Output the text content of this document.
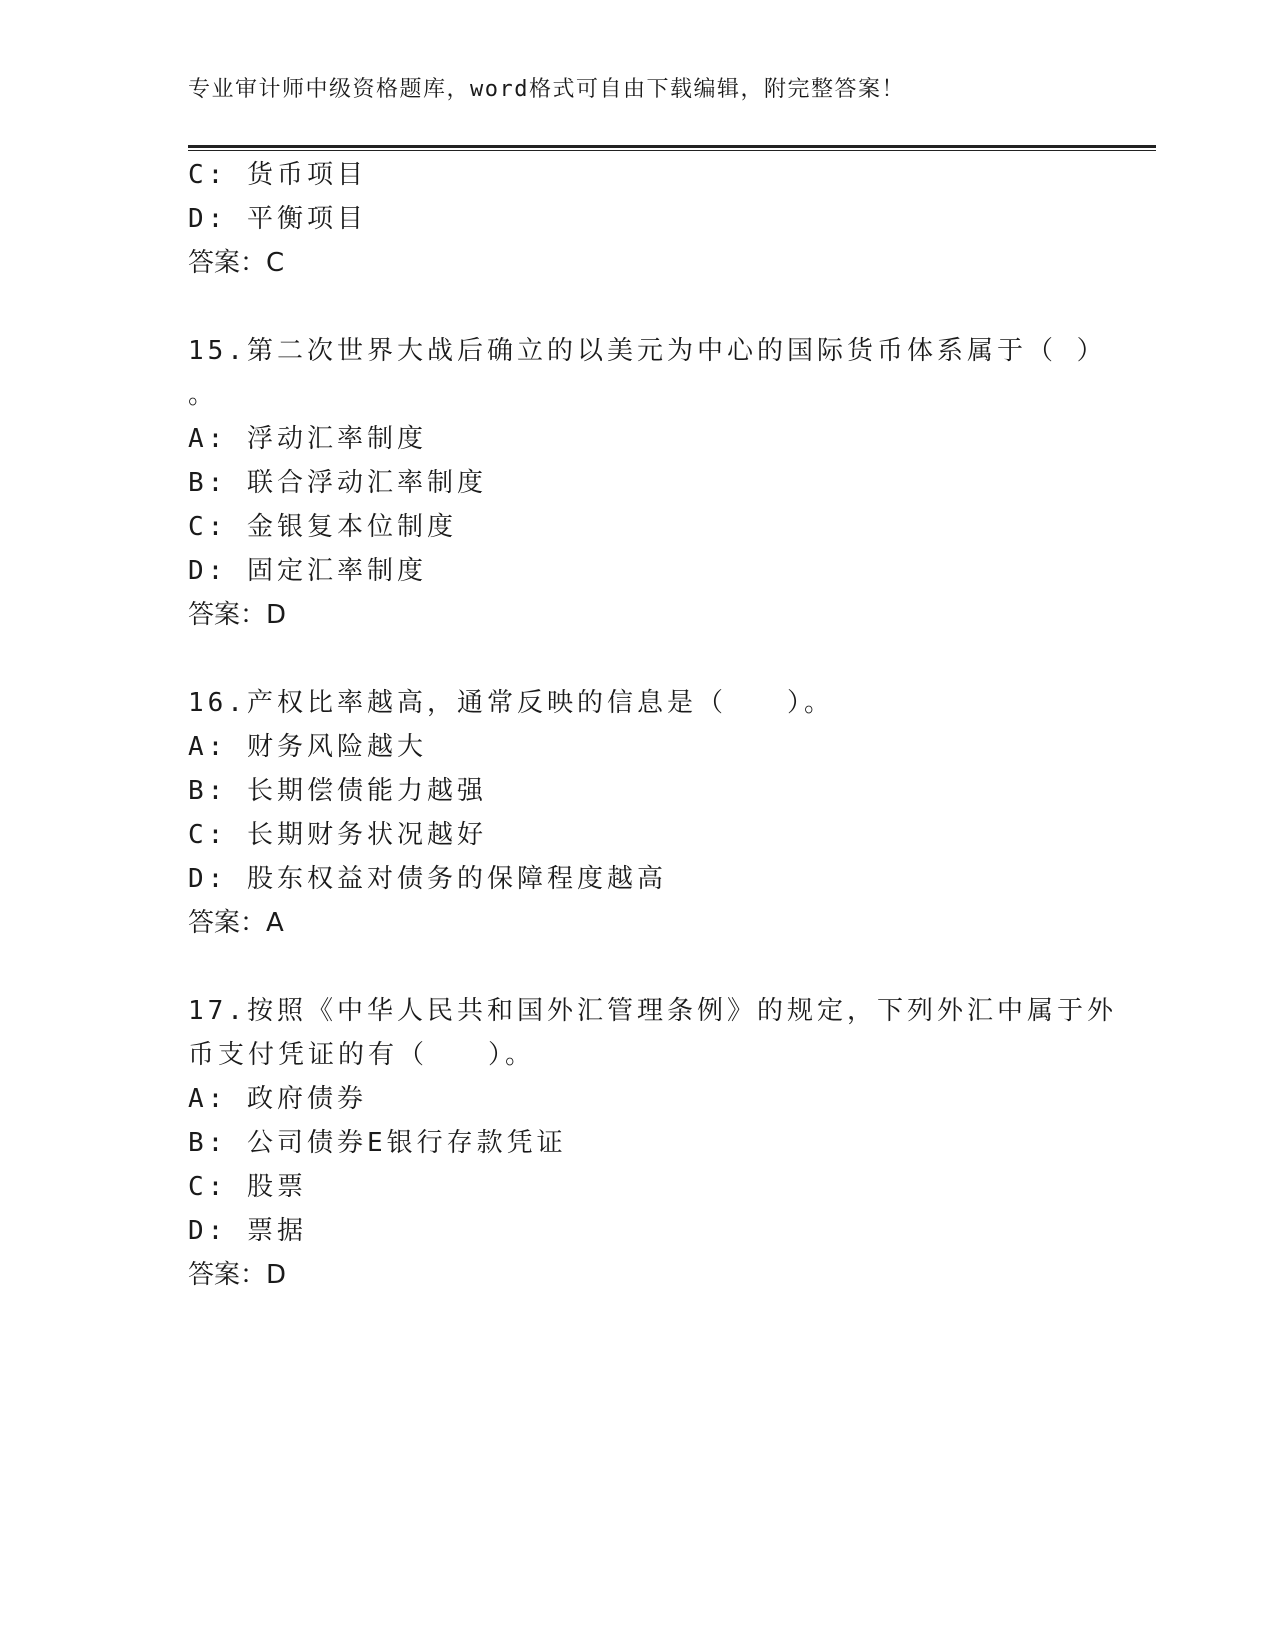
专业审计师中级资格题库，word格式可自由下载编辑，附完整答案！
C: 货币项目
D: 平衡项目
答案：C
15.第二次世界大战后确立的以美元为中心的国际货币体系属于（ ）
。
A: 浮动汇率制度
B: 联合浮动汇率制度
C: 金银复本位制度
D: 固定汇率制度
答案：D
16.产权比率越高，通常反映的信息是（　　）。
A: 财务风险越大
B: 长期偿债能力越强
C: 长期财务状况越好
D: 股东权益对债务的保障程度越高
答案：A
17.按照《中华人民共和国外汇管理条例》的规定，下列外汇中属于外
币支付凭证的有（　　）。
A: 政府债券
B: 公司债券E银行存款凭证
C: 股票
D: 票据
答案：D
